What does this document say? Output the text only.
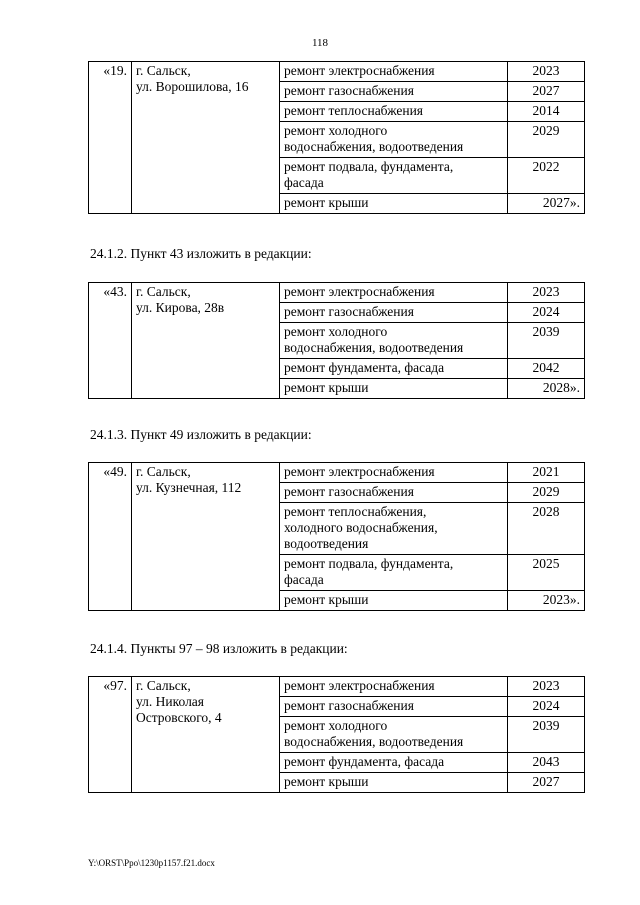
118
«19.	г. Сальск,
ул. Ворошилова, 16	ремонт электроснабжения	2023

		ремонт газоснабжения	2027

		ремонт теплоснабжения	2014

		ремонт холодного
водоснабжения, водоотведения	2029

		ремонт подвала, фундамента,
фасада	2022

		ремонт крыши	2027».
24.1.2. Пункт 43 изложить в редакции:
«43.	г. Сальск,
ул. Кирова, 28в	ремонт электроснабжения	2023

		ремонт газоснабжения	2024

		ремонт холодного
водоснабжения, водоотведения	2039

		ремонт фундамента, фасада	2042

		ремонт крыши	2028».
24.1.3. Пункт 49 изложить в редакции:
«49.	г. Сальск,
ул. Кузнечная, 112	ремонт электроснабжения	2021

		ремонт газоснабжения	2029

		ремонт теплоснабжения,
холодного водоснабжения,
водоотведения	2028

		ремонт подвала, фундамента,
фасада	2025

		ремонт крыши	2023».
24.1.4. Пункты 97 – 98 изложить в редакции:
«97.	г. Сальск,
ул. Николая
Островского, 4	ремонт электроснабжения	2023

		ремонт газоснабжения	2024

		ремонт холодного
водоснабжения, водоотведения	2039

		ремонт фундамента, фасада	2043

		ремонт крыши	2027
Y:\ORST\Ppo\1230p1157.f21.docx
